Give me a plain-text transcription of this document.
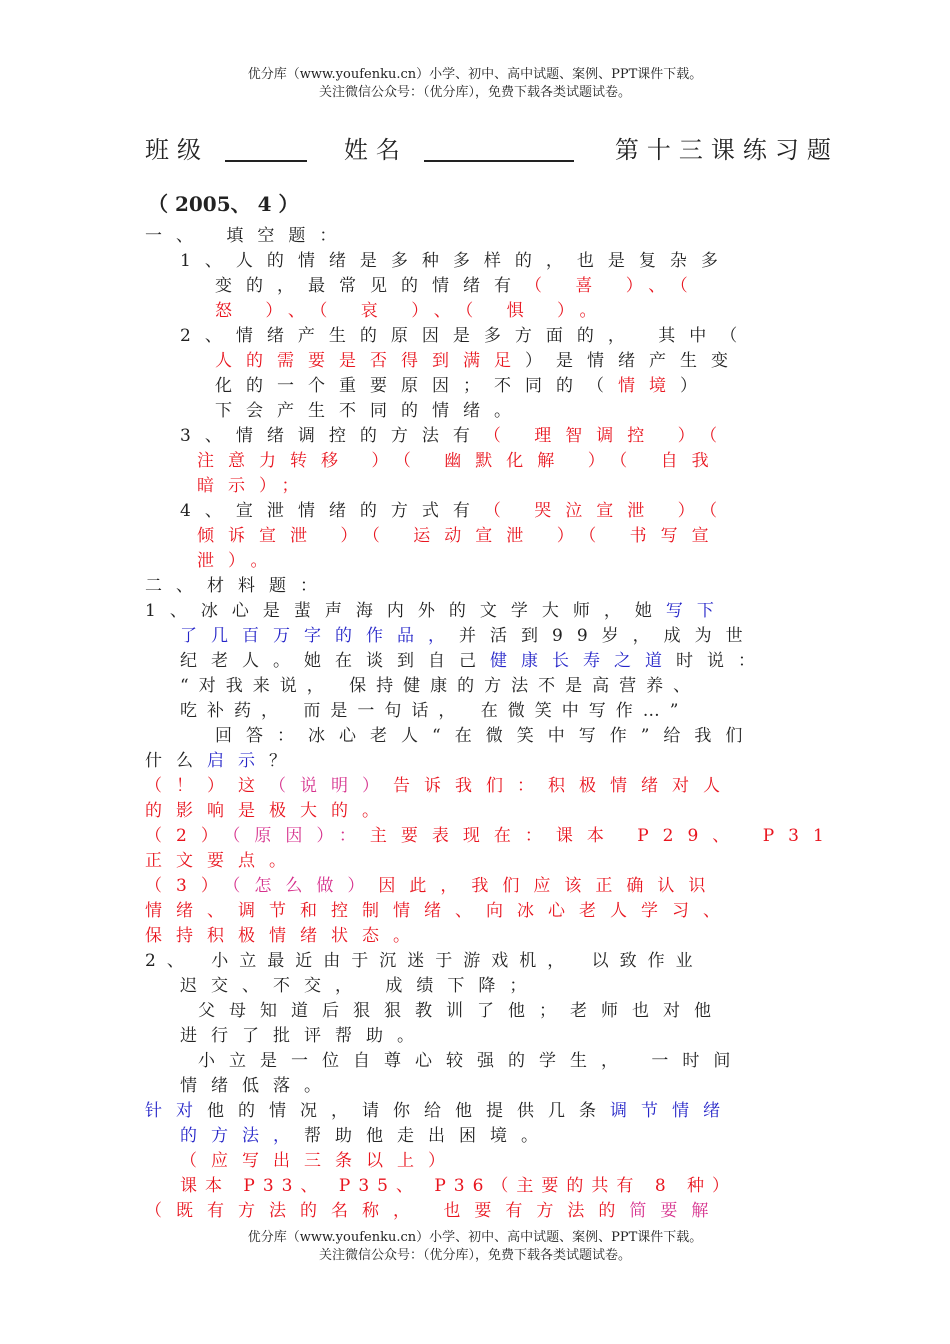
优分库（www.youfenku.cn）小学、初中、高中试题、案例、PPT课件下载。
关注微信公众号：（优分库），免费下载各类试题试卷。
班级	姓名	第十三课练习题
（ 2005、 4 ）
一、 填空题：
1、人的情绪是多种多样的，也是复杂多
变的，最常见的情绪有（ 喜 ）、（
怒 ）、（ 哀 ）、（ 惧 ）。
2、情绪产生的原因是多方面的， 其中（
人的需要是否得到满足）是情绪产生变
化的一个重要原因；不同的（情境）
下会产生不同的情绪。
3、情绪调控的方法有（ 理智调控 ）（
注意力转移 ）（ 幽默化解 ）（ 自我
暗示）；
4、宣泄情绪的方式有（ 哭泣宣泄 ）（
倾诉宣泄 ）（ 运动宣泄 ）（ 书写宣
泄）。
二、材料题：
1、冰心是蜚声海内外的文学大师，她写下
了几百万字的作品，并活到99岁，成为世
纪老人。她在谈到自己健康长寿之道时说：
“对我来说， 保持健康的方法不是高营养、
吃补药， 而是一句话， 在微笑中写作…”
回答：冰心老人“在微笑中写作”给我们
什么启示？
（！）这（说明）告诉我们：积极情绪对人
的影响是极大的。
（2）（原因）：主要表现在：课本 P29、 P31
正文要点。
（3）（怎么做）因此，我们应该正确认识
情绪、调节和控制情绪、向冰心老人学习、
保持积极情绪状态。
2、 小立最近由于沉迷于游戏机， 以致作业
迟交、不交， 成绩下降；
父母知道后狠狠教训了他；老师也对他
进行了批评帮助。
小立是一位自尊心较强的学生， 一时间
情绪低落。
针对他的情况，请你给他提供几条调节情绪
的方法，帮助他走出困境。
（应写出三条以上）
课本 P33、 P35、 P36（主要的共有 8 种）
（既有方法的名称， 也要有方法的简要解
优分库（www.youfenku.cn）小学、初中、高中试题、案例、PPT课件下载。
关注微信公众号：（优分库），免费下载各类试题试卷。
